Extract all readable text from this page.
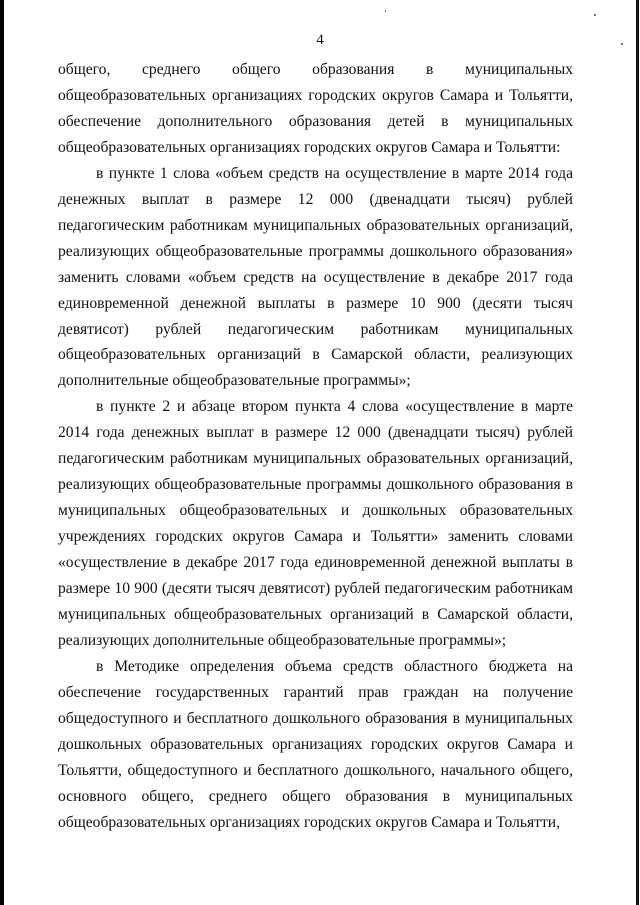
4

общего, среднего общего образования в муниципальных общеобразовательных организациях городских округов Самара и Тольятти, обеспечение дополнительного образования детей в муниципальных общеобразовательных организациях городских округов Самара и Тольятти:

в пункте 1 слова «объем средств на осуществление в марте 2014 года денежных выплат в размере 12 000 (двенадцати тысяч) рублей педагогическим работникам муниципальных образовательных организаций, реализующих общеобразовательные программы дошкольного образования» заменить словами «объем средств на осуществление в декабре 2017 года единовременной денежной выплаты в размере 10 900 (десяти тысяч девятисот) рублей педагогическим работникам муниципальных общеобразовательных организаций в Самарской области, реализующих дополнительные общеобразовательные программы»;

в пункте 2 и абзаце втором пункта 4 слова «осуществление в марте 2014 года денежных выплат в размере 12 000 (двенадцати тысяч) рублей педагогическим работникам муниципальных образовательных организаций, реализующих общеобразовательные программы дошкольного образования в муниципальных общеобразовательных и дошкольных образовательных учреждениях городских округов Самара и Тольятти» заменить словами «осуществление в декабре 2017 года единовременной денежной выплаты в размере 10 900 (десяти тысяч девятисот) рублей педагогическим работникам муниципальных общеобразовательных организаций в Самарской области, реализующих дополнительные общеобразовательные программы»;

в Методике определения объема средств областного бюджета на обеспечение государственных гарантий прав граждан на получение общедоступного и бесплатного дошкольного образования в муниципальных дошкольных образовательных организациях городских округов Самара и Тольятти, общедоступного и бесплатного дошкольного, начального общего, основного общего, среднего общего образования в муниципальных общеобразовательных организациях городских округов Самара и Тольятти,
